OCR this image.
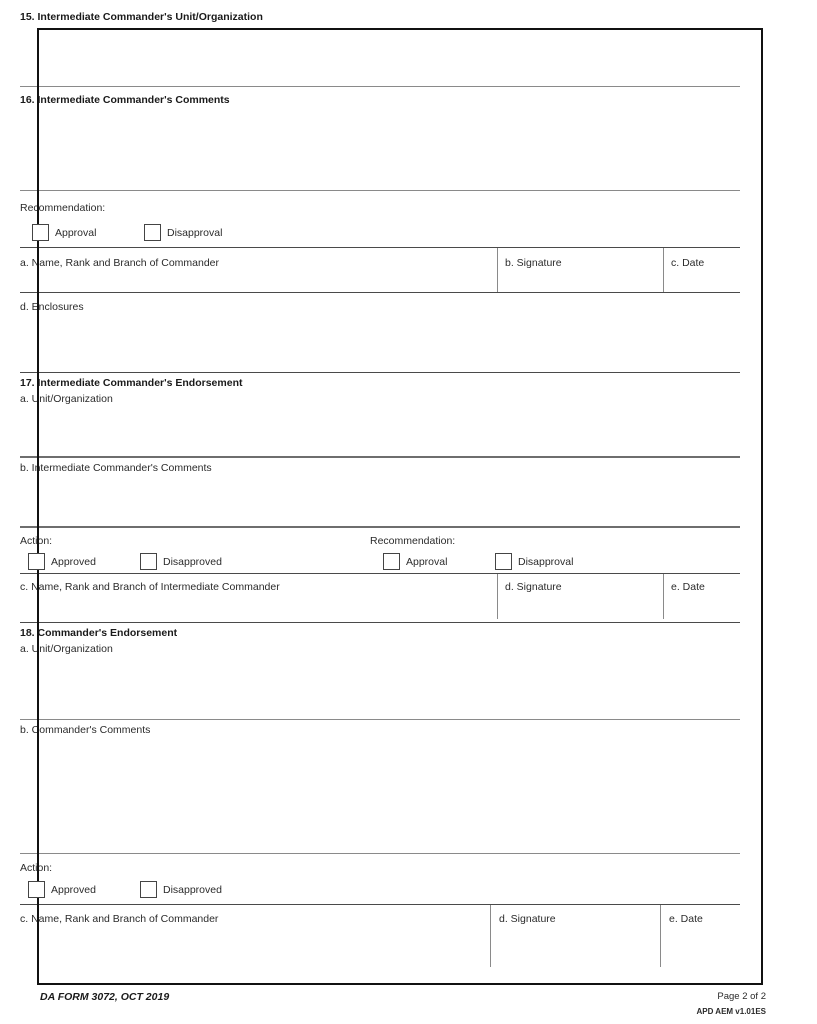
15. Intermediate Commander's Unit/Organization
16. Intermediate Commander's Comments
Recommendation:
Approval	Disapproval
a. Name, Rank and Branch of Commander	b. Signature	c. Date
d. Enclosures
17. Intermediate Commander's Endorsement
a. Unit/Organization
b. Intermediate Commander's Comments
Action:	Recommendation:
Approved	Disapproved	Approval	Disapproval
c. Name, Rank and Branch of Intermediate Commander	d. Signature	e. Date
18. Commander's Endorsement
a. Unit/Organization
b. Commander's Comments
Action:
Approved	Disapproved
c. Name, Rank and Branch of Commander	d. Signature	e. Date
DA FORM 3072, OCT 2019	Page 2 of 2
APD AEM v1.01ES
